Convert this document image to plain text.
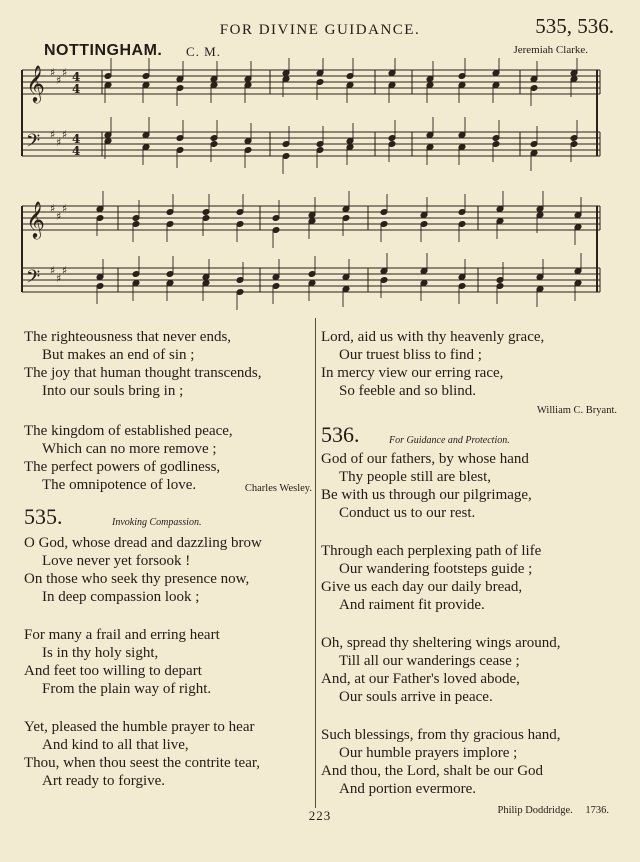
FOR DIVINE GUIDANCE.	535, 536.
NOTTINGHAM. C. M.	Jeremiah Clarke.
𝄞 ♯
♯
♯ 4
4
𝄢 ♯
♯
♯ 4
4
𝄞 ♯
♯
♯
𝄢 ♯
♯
♯
The righteousness that never ends,
But makes an end of sin ;
The joy that human thought transcends,
Into our souls bring in ;
The kingdom of established peace,
Which can no more remove ;
The perfect powers of godliness,
The omnipotence of love.	Charles Wesley.
535.	Invoking Compassion.
O God, whose dread and dazzling brow
Love never yet forsook !
On those who seek thy presence now,
In deep compassion look ;
For many a frail and erring heart
Is in thy holy sight,
And feet too willing to depart
From the plain way of right.
Yet, pleased the humble prayer to hear
And kind to all that live,
Thou, when thou seest the contrite tear,
Art ready to forgive.
Lord, aid us with thy heavenly grace,
Our truest bliss to find ;
In mercy view our erring race,
So feeble and so blind.
William C. Bryant.
536.	For Guidance and Protection.
God of our fathers, by whose hand
Thy people still are blest,
Be with us through our pilgrimage,
Conduct us to our rest.
Through each perplexing path of life
Our wandering footsteps guide ;
Give us each day our daily bread,
And raiment fit provide.
Oh, spread thy sheltering wings around,
Till all our wanderings cease ;
And, at our Father's loved abode,
Our souls arrive in peace.
Such blessings, from thy gracious hand,
Our humble prayers implore ;
And thou, the Lord, shalt be our God
And portion evermore.
Philip Doddridge. 1736.
223
